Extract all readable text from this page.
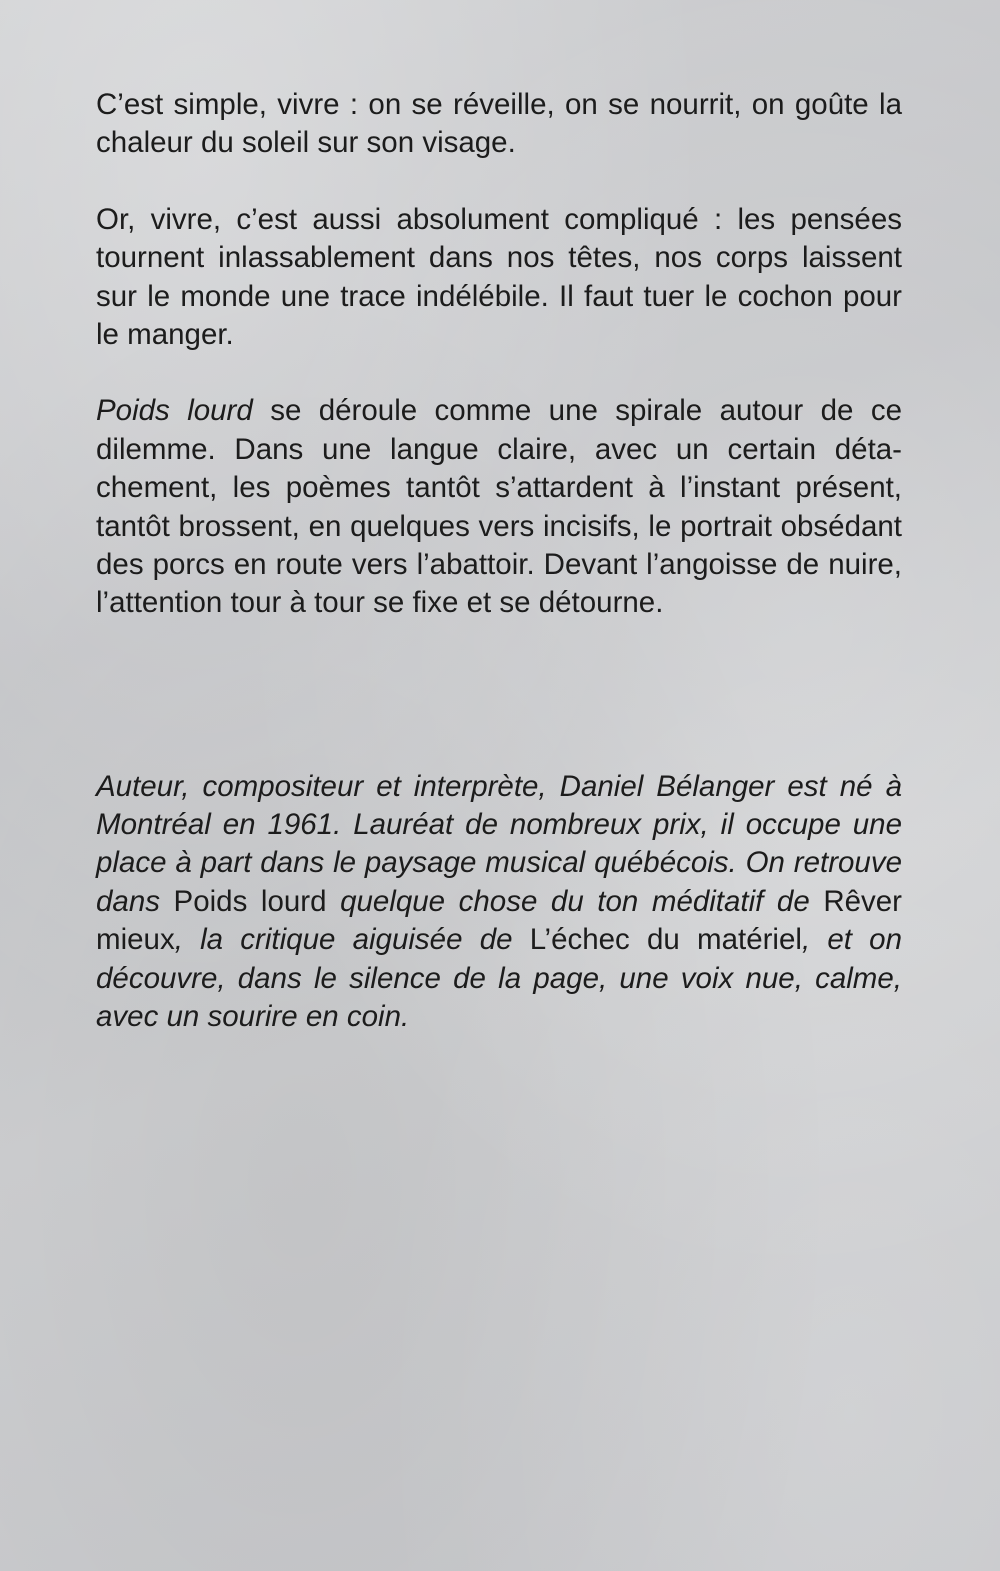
C’est simple, vivre : on se réveille, on se nourrit, on goûte la chaleur du soleil sur son visage.

Or, vivre, c’est aussi absolument compliqué : les pensées tournent inlassablement dans nos têtes, nos corps laissent sur le monde une trace indélébile. Il faut tuer le cochon pour le manger.

Poids lourd se déroule comme une spirale autour de ce dilemme. Dans une langue claire, avec un certain détachement, les poèmes tantôt s’attardent à l’instant présent, tantôt brossent, en quelques vers incisifs, le portrait obsédant des porcs en route vers l’abattoir. Devant l’angoisse de nuire, l’attention tour à tour se fixe et se détourne.

Auteur, compositeur et interprète, Daniel Bélanger est né à Montréal en 1961. Lauréat de nombreux prix, il occupe une place à part dans le paysage musical québécois. On retrouve dans Poids lourd quelque chose du ton méditatif de Rêver mieux, la critique aiguisée de L’échec du matériel, et on découvre, dans le silence de la page, une voix nue, calme, avec un sourire en coin.
